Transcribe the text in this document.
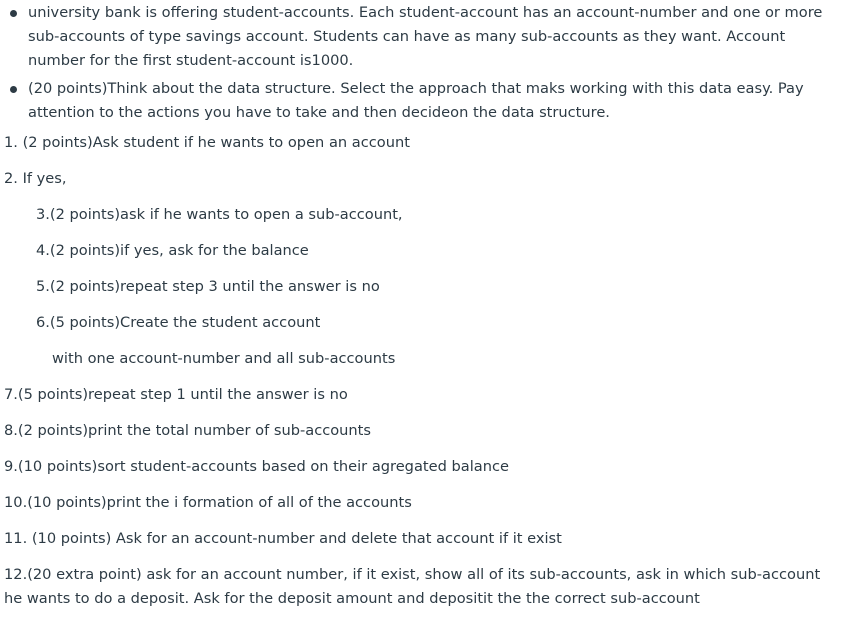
university bank is offering student-accounts. Each student-account has an account-number and one or more sub-accounts of type savings account. Students can have as many sub-accounts as they want. Account number for the first student-account is1000.
(20 points)Think about the data structure. Select the approach that maks working with this data easy. Pay attention to the actions you have to take and then decideon the data structure.
1. (2 points)Ask student if he wants to open an account
2. If yes,
3.(2 points)ask if he wants to open a sub-account,
4.(2 points)if yes, ask for the balance
5.(2 points)repeat step 3 until the answer is no
6.(5 points)Create the student account
with one account-number and all sub-accounts
7.(5 points)repeat step 1 until the answer is no
8.(2 points)print the total number of sub-accounts
9.(10 points)sort student-accounts based on their agregated balance
10.(10 points)print the i formation of all of the accounts
11. (10 points) Ask for an account-number and delete that account if it exist
12.(20 extra point) ask for an account number, if it exist, show all of its sub-accounts, ask in which sub-account he wants to do a deposit. Ask for the deposit amount and depositit the the correct sub-account
